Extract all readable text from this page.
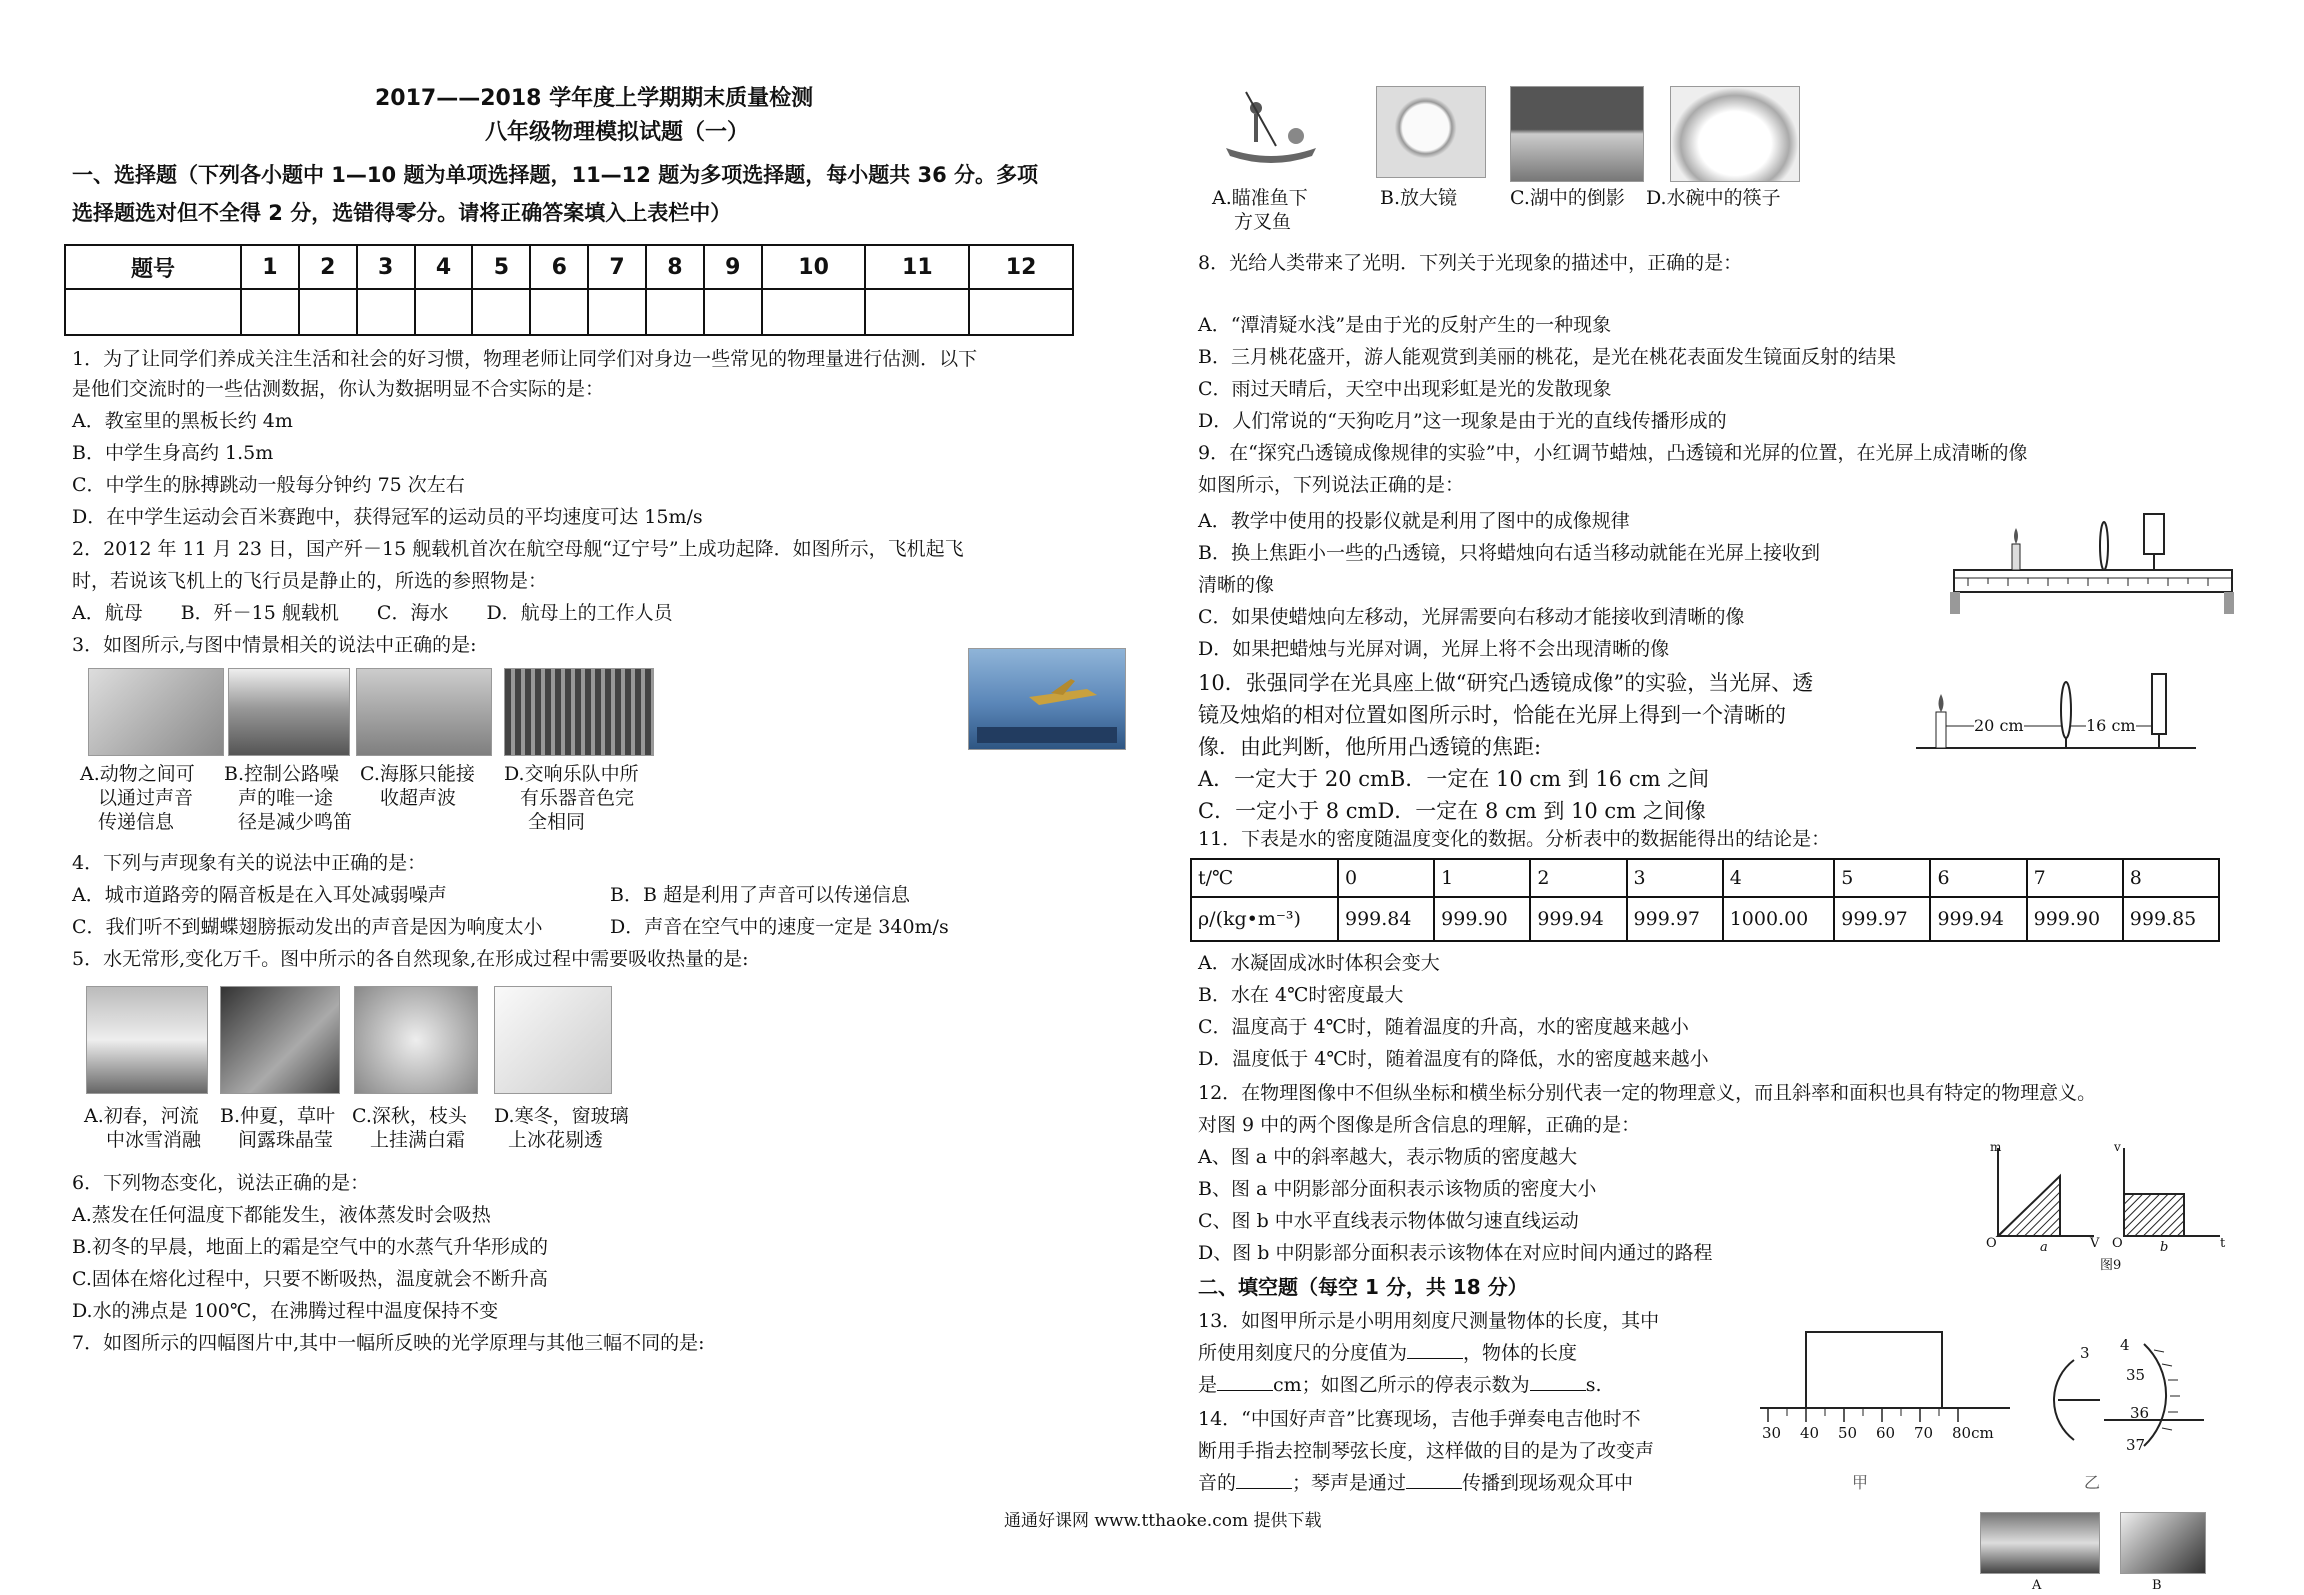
2017——2018 学年度上学期期末质量检测
八年级物理模拟试题（一）
一、选择题（下列各小题中 1—10 题为单项选择题，11—12 题为多项选择题，每小题共 36 分。多项
选择题选对但不全得 2 分，选错得零分。请将正确答案填入上表栏中）
题号	1	2	3	4	5	6	7	8	9	10	11	12

1．为了让同学们养成关注生活和社会的好习惯，物理老师让同学们对身边一些常见的物理量进行估测．以下
是他们交流时的一些估测数据，你认为数据明显不合实际的是：
A．教室里的黑板长约 4m
B．中学生身高约 1.5m
C．中学生的脉搏跳动一般每分钟约 75 次左右
D．在中学生运动会百米赛跑中，获得冠军的运动员的平均速度可达 15m/s
2．2012 年 11 月 23 日，国产歼－15 舰载机首次在航空母舰“辽宁号”上成功起降．如图所示，飞机起飞
时，若说该飞机上的飞行员是静止的，所选的参照物是：
A．航母　　B．歼－15 舰载机　　C．海水　　D．航母上的工作人员
3．如图所示,与图中情景相关的说法中正确的是:
A.动物之间可
以通过声音
传递信息
B.控制公路噪
声的唯一途
径是减少鸣笛
C.海豚只能接
收超声波
D.交响乐队中所
有乐器音色完
全相同
4．下列与声现象有关的说法中正确的是：
A．城市道路旁的隔音板是在入耳处减弱噪声	B．B 超是利用了声音可以传递信息
C．我们听不到蝴蝶翅膀振动发出的声音是因为响度太小	D．声音在空气中的速度一定是 340m/s
5．水无常形,变化万千。图中所示的各自然现象,在形成过程中需要吸收热量的是:
A.初春，河流
中冰雪消融
B.仲夏，草叶
间露珠晶莹
C.深秋，枝头
上挂满白霜
D.寒冬，窗玻璃
上冰花剔透
6．下列物态变化，说法正确的是：
A.蒸发在任何温度下都能发生，液体蒸发时会吸热
B.初冬的早晨，地面上的霜是空气中的水蒸气升华形成的
C.固体在熔化过程中，只要不断吸热，温度就会不断升高
D.水的沸点是 100℃，在沸腾过程中温度保持不变
7．如图所示的四幅图片中,其中一幅所反映的光学原理与其他三幅不同的是:
A.瞄准鱼下
方叉鱼
B.放大镜	C.湖中的倒影 D.水碗中的筷子
8．光给人类带来了光明．下列关于光现象的描述中，正确的是：
A．“潭清疑水浅”是由于光的反射产生的一种现象
B．三月桃花盛开，游人能观赏到美丽的桃花，是光在桃花表面发生镜面反射的结果
C．雨过天晴后，天空中出现彩虹是光的发散现象
D．人们常说的“天狗吃月”这一现象是由于光的直线传播形成的
9．在“探究凸透镜成像规律的实验”中，小红调节蜡烛，凸透镜和光屏的位置，在光屏上成清晰的像
如图所示，下列说法正确的是：
A．教学中使用的投影仪就是利用了图中的成像规律
B．换上焦距小一些的凸透镜，只将蜡烛向右适当移动就能在光屏上接收到
清晰的像
C．如果使蜡烛向左移动，光屏需要向右移动才能接收到清晰的像
D．如果把蜡烛与光屏对调，光屏上将不会出现清晰的像
10．张强同学在光具座上做“研究凸透镜成像”的实验，当光屏、透
镜及烛焰的相对位置如图所示时，恰能在光屏上得到一个清晰的
像．由此判断，他所用凸透镜的焦距:
A．一定大于 20 cmB．一定在 10 cm 到 16 cm 之间
C．一定小于 8 cmD．一定在 8 cm 到 10 cm 之间像
20 cm	16 cm
11．下表是水的密度随温度变化的数据。分析表中的数据能得出的结论是：
t/℃	0	1	2	3	4	5	6	7	8
ρ/(kg•m⁻³)	999.84	999.90	999.94	999.97	1000.00	999.97	999.94	999.90	999.85
A．水凝固成冰时体积会变大
B．水在 4℃时密度最大
C．温度高于 4℃时，随着温度的升高，水的密度越来越小
D．温度低于 4℃时，随着温度有的降低，水的密度越来越小
12．在物理图像中不但纵坐标和横坐标分别代表一定的物理意义，而且斜率和面积也具有特定的物理意义。
对图 9 中的两个图像是所含信息的理解，正确的是：
A、图 a 中的斜率越大，表示物质的密度越大
B、图 a 中阴影部分面积表示该物质的密度大小
C、图 b 中水平直线表示物体做匀速直线运动
D、图 b 中阴影部分面积表示该物体在对应时间内通过的路程
m	v
V	t
O	O
a	b
图9
二、填空题（每空 1 分，共 18 分）
13．如图甲所示是小明用刻度尺测量物体的长度，其中
所使用刻度尺的分度值为	，物体的长度
是	cm；如图乙所示的停表示数为	s.
30 40 50 60 70 80cm
甲
3 4
35
36
37
乙
14．“中国好声音”比赛现场，吉他手弹奏电吉他时不
断用手指去控制琴弦长度，这样做的目的是为了改变声
音的	；琴声是通过	传播到现场观众耳中
A	B
通通好课网 www.tthaoke.com 提供下载
